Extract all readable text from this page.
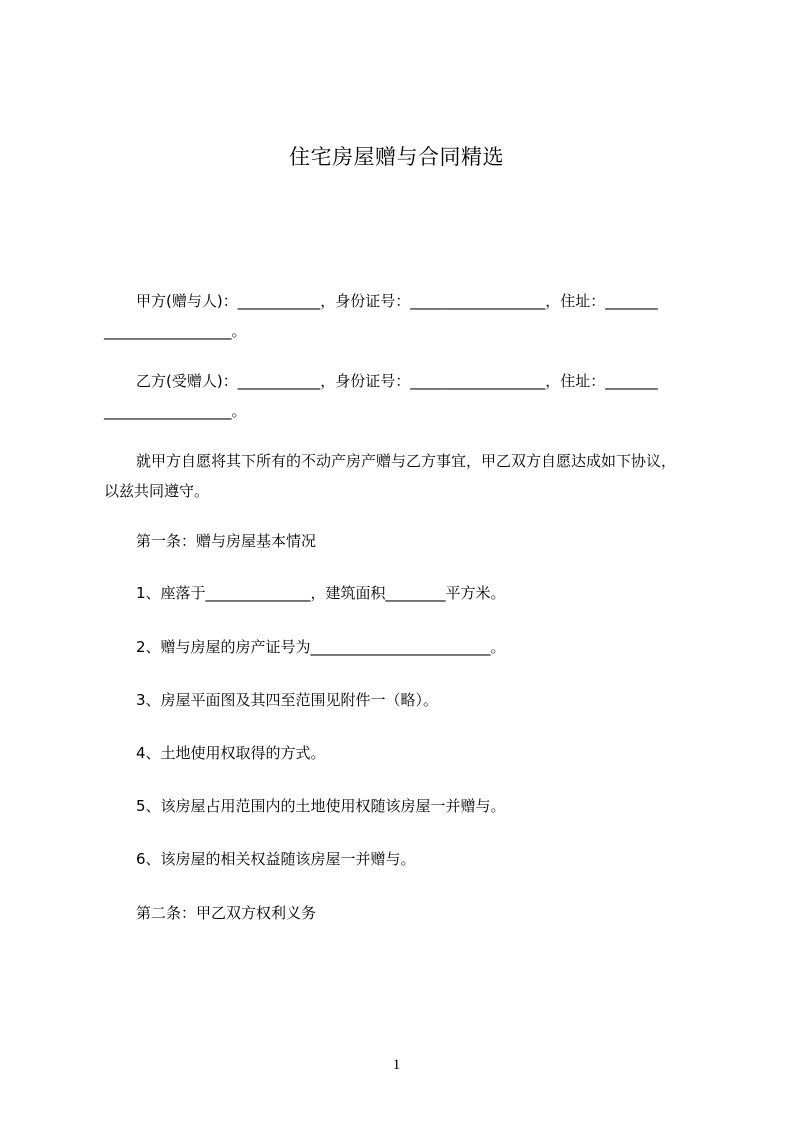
住宅房屋赠与合同精选
甲方(赠与人)：___________，身份证号：__________________，住址：_______
_________________。
乙方(受赠人)：___________，身份证号：__________________，住址：_______
_________________。
就甲方自愿将其下所有的不动产房产赠与乙方事宜，甲乙双方自愿达成如下协议，
以兹共同遵守。
第一条：赠与房屋基本情况
1、座落于______________，建筑面积________平方米。
2、赠与房屋的房产证号为________________________。
3、房屋平面图及其四至范围见附件一（略）。
4、土地使用权取得的方式。
5、该房屋占用范围内的土地使用权随该房屋一并赠与。
6、该房屋的相关权益随该房屋一并赠与。
第二条：甲乙双方权利义务
1
